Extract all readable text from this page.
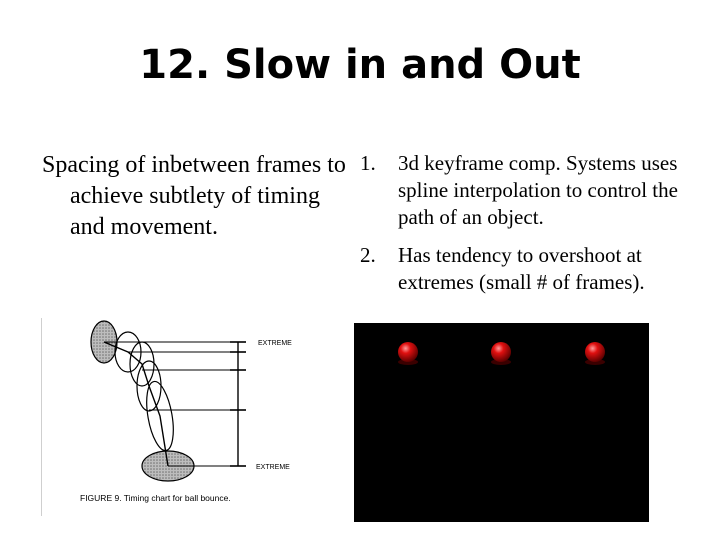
12. Slow in and Out
Spacing of inbetween frames to achieve subtlety of timing and movement.
1. 3d keyframe comp. Systems uses spline interpolation to control the path of an object.
2. Has tendency to overshoot at extremes (small # of frames).
EXTREME
EXTREME
FIGURE 9. Timing chart for ball bounce.
